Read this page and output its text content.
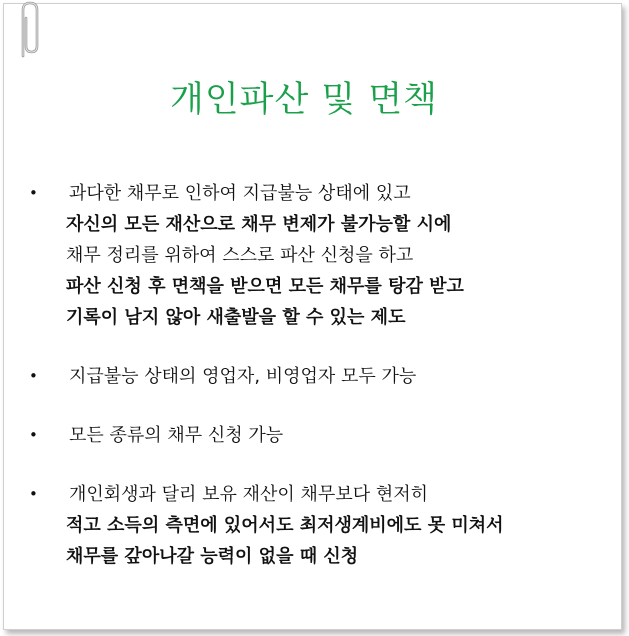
개인파산 및 면책
• 과다한 채무로 인하여 지급불능 상태에 있고
자신의 모든 재산으로 채무 변제가 불가능할 시에
채무 정리를 위하여 스스로 파산 신청을 하고
파산 신청 후 면책을 받으면 모든 채무를 탕감 받고
기록이 남지 않아 새출발을 할 수 있는 제도
• 지급불능 상태의 영업자, 비영업자 모두 가능
• 모든 종류의 채무 신청 가능
• 개인회생과 달리 보유 재산이 채무보다 현저히
적고 소득의 측면에 있어서도 최저생계비에도 못 미쳐서
채무를 갚아나갈 능력이 없을 때 신청
